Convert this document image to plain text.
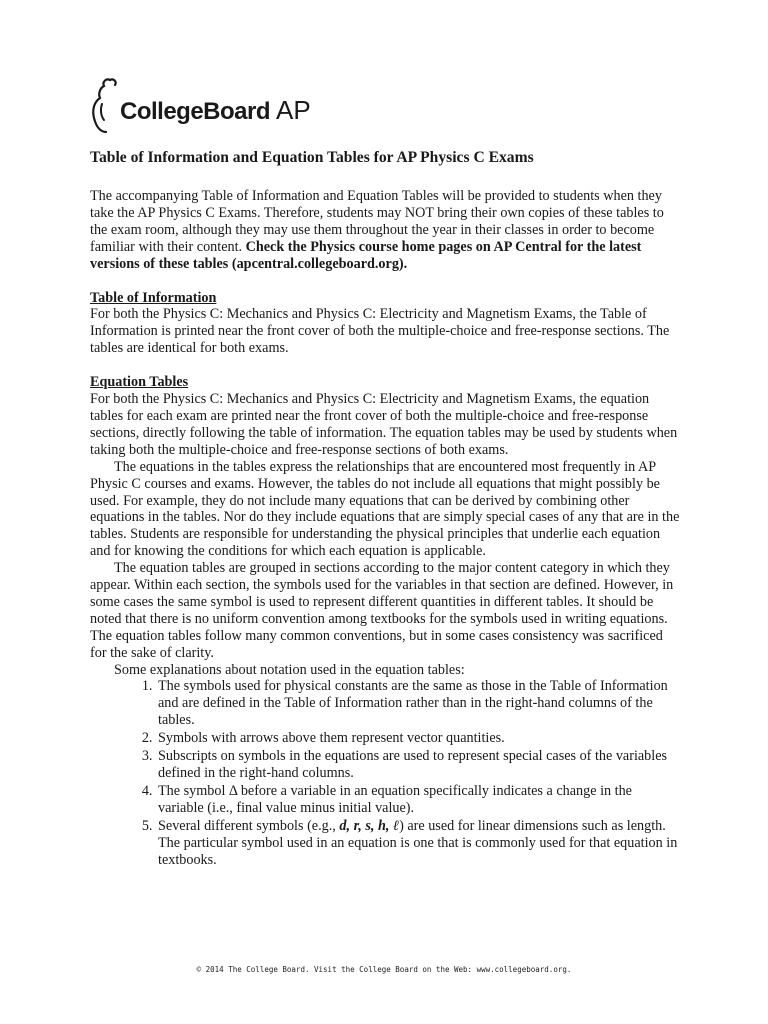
CollegeBoard AP
Table of Information and Equation Tables for AP Physics C Exams

The accompanying Table of Information and Equation Tables will be provided to students when they take the AP Physics C Exams. Therefore, students may NOT bring their own copies of these tables to the exam room, although they may use them throughout the year in their classes in order to become familiar with their content. Check the Physics course home pages on AP Central for the latest versions of these tables (apcentral.collegeboard.org).

Table of Information

For both the Physics C: Mechanics and Physics C: Electricity and Magnetism Exams, the Table of Information is printed near the front cover of both the multiple-choice and free-response sections. The tables are identical for both exams.

Equation Tables

For both the Physics C: Mechanics and Physics C: Electricity and Magnetism Exams, the equation tables for each exam are printed near the front cover of both the multiple-choice and free-response sections, directly following the table of information. The equation tables may be used by students when taking both the multiple-choice and free-response sections of both exams.

The equations in the tables express the relationships that are encountered most frequently in AP Physic C courses and exams. However, the tables do not include all equations that might possibly be used. For example, they do not include many equations that can be derived by combining other equations in the tables. Nor do they include equations that are simply special cases of any that are in the tables. Students are responsible for understanding the physical principles that underlie each equation and for knowing the conditions for which each equation is applicable.

The equation tables are grouped in sections according to the major content category in which they appear. Within each section, the symbols used for the variables in that section are defined. However, in some cases the same symbol is used to represent different quantities in different tables. It should be noted that there is no uniform convention among textbooks for the symbols used in writing equations. The equation tables follow many common conventions, but in some cases consistency was sacrificed for the sake of clarity.

Some explanations about notation used in the equation tables:

1. The symbols used for physical constants are the same as those in the Table of Information and are defined in the Table of Information rather than in the right-hand columns of the tables.
2. Symbols with arrows above them represent vector quantities.
3. Subscripts on symbols in the equations are used to represent special cases of the variables defined in the right-hand columns.
4. The symbol Δ before a variable in an equation specifically indicates a change in the variable (i.e., final value minus initial value).
5. Several different symbols (e.g., d, r, s, h, ℓ) are used for linear dimensions such as length. The particular symbol used in an equation is one that is commonly used for that equation in textbooks.
© 2014 The College Board. Visit the College Board on the Web: www.collegeboard.org.
